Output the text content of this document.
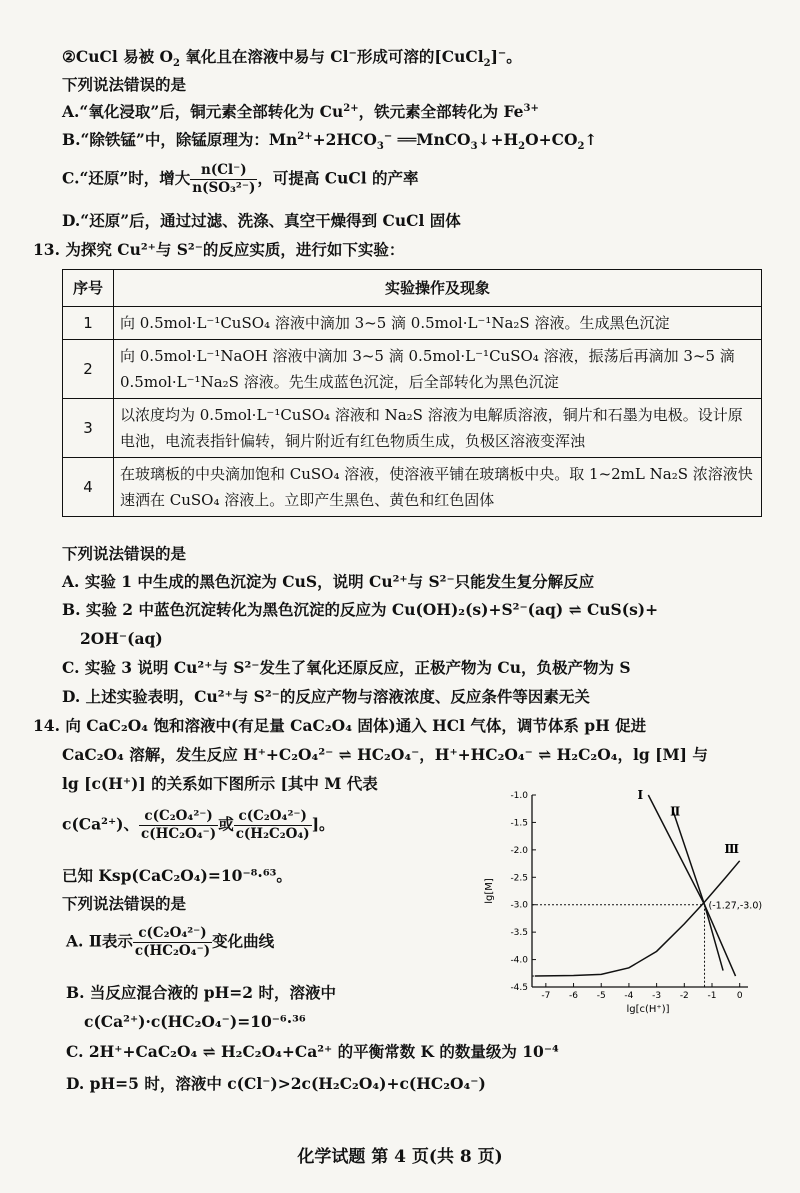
②CuCl 易被 $O_2$ 氧化且在溶液中易与 Cl−形成可溶的[CuCl$_2$]−。
下列说法错误的是
A.“氧化浸取”后，铜元素全部转化为 $Cu^{2+}$，铁元素全部转化为 $Fe^{3+}$
B.“除铁锰”中，除锰原理为：$Mn^{2+}+2HCO_3^-$ $══MnCO_3↓+H_2O+CO_2↑$
C.“还原”时，增大 $\frac{n(Cl^-)}{\text{n(SO₃²⁻)}}$ ，可提高 CuCl 的产率
D.“还原”后，通过过滤、洗涤、真空干燥得到 CuCl 固体
13. 为探究 Cu²⁺与 S²⁻的反应实质，进行如下实验：
序号	实验操作及现象
1	向 0.5mol·L⁻¹CuSO₄ 溶液中滴加 3~5 滴 0.5mol·L⁻¹Na₂S 溶液。生成黑色沉淀
2	向 0.5mol·L⁻¹NaOH 溶液中滴加 3~5 滴 0.5mol·L⁻¹CuSO₄ 溶液，振荡后再滴加 3~5 滴 0.5mol·L⁻¹Na₂S 溶液。先生成蓝色沉淀，后全部转化为黑色沉淀
3	以浓度均为 0.5mol·L⁻¹CuSO₄ 溶液和 Na₂S 溶液为电解质溶液，铜片和石墨为电极。设计原电池，电流表指针偏转，铜片附近有红色物质生成，负极区溶液变浑浊
4	在玻璃板的中央滴加饱和 CuSO₄ 溶液，使溶液平铺在玻璃板中央。取 1~2mL Na₂S 浓溶液快速洒在 CuSO₄ 溶液上。立即产生黑色、黄色和红色固体
下列说法错误的是
A. 实验 1 中生成的黑色沉淀为 CuS，说明 Cu²⁺与 S²⁻只能发生复分解反应
B. 实验 2 中蓝色沉淀转化为黑色沉淀的反应为 Cu(OH)₂(s)+S²⁻(aq) ⇌ CuS(s)+
2OH⁻(aq)
C. 实验 3 说明 Cu²⁺与 S²⁻发生了氧化还原反应，正极产物为 Cu，负极产物为 S
D. 上述实验表明，Cu²⁺与 S²⁻的反应产物与溶液浓度、反应条件等因素无关
14. 向 CaC₂O₄ 饱和溶液中(有足量 CaC₂O₄ 固体)通入 HCl 气体，调节体系 pH 促进
CaC₂O₄ 溶解，发生反应 H⁺+C₂O₄²⁻ ⇌ HC₂O₄⁻，H⁺+HC₂O₄⁻ ⇌ H₂C₂O₄，lg [M] 与
lg [c(H⁺)] 的关系如下图所示 [其中 M 代表
c(Ca²⁺)、 $\frac{\text{c(C₂O₄²⁻)}}{\text{c(HC₂O₄⁻)}}$ 或 $\frac{\text{c(C₂O₄²⁻)}}{\text{c(H₂C₂O₄)}}$ ]。
已知 Ksp(CaC₂O₄)=10⁻⁸·⁶³。
下列说法错误的是
A. Ⅱ表示 $\frac{\text{c(C₂O₄²⁻)}}{\text{c(HC₂O₄⁻)}}$ 变化曲线
B. 当反应混合液的 pH=2 时，溶液中
c(Ca²⁺)·c(HC₂O₄⁻)=10⁻⁶·³⁶
C. 2H⁺+CaC₂O₄ ⇌ H₂C₂O₄+Ca²⁺ 的平衡常数 K 的数量级为 10⁻⁴
D. pH=5 时，溶液中 c(Cl⁻)>2c(H₂C₂O₄)+c(HC₂O₄⁻)
-1.0
-1.5
-2.0
-2.5
-3.0
-3.5
-4.0
-4.5
-7 -6 -5 -4 -3 -2 -1 0
lg[M]
lg[c(H⁺)]
I
Ⅱ
Ⅲ
(-1.27,-3.0)
化学试题 第 4 页(共 8 页)
